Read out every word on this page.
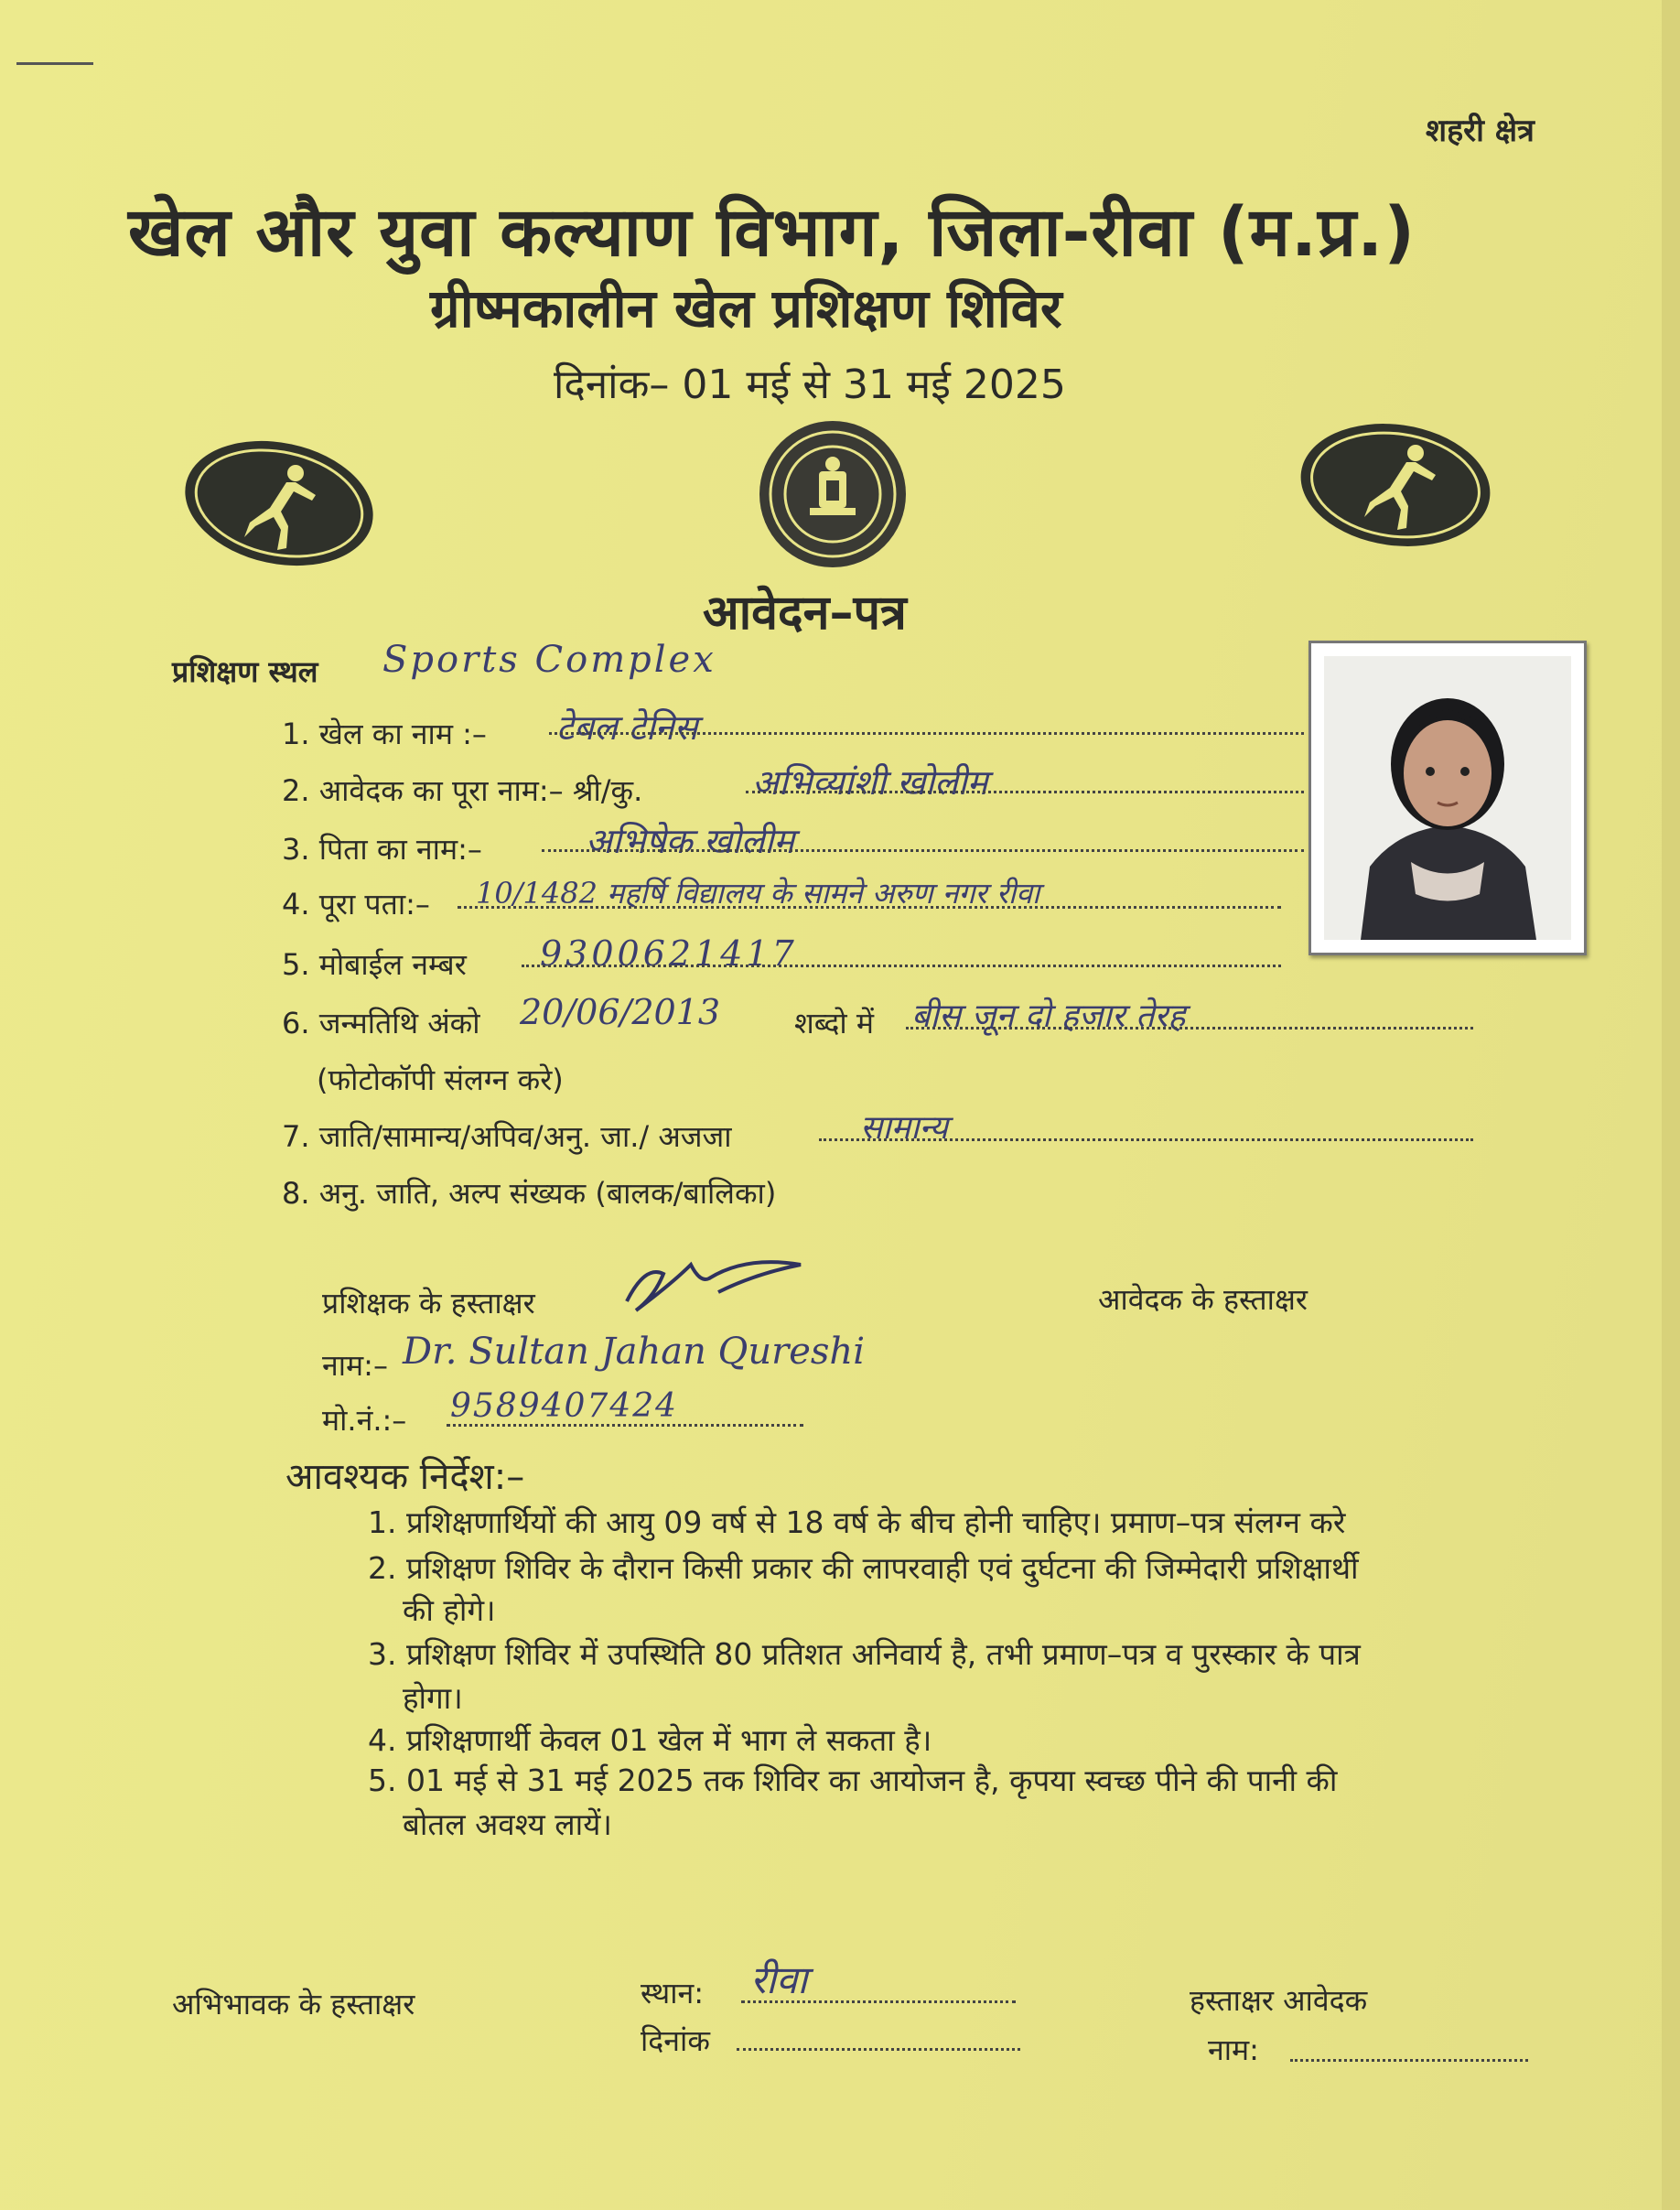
शहरी क्षेत्र
खेल और युवा कल्याण विभाग, जिला-रीवा (म.प्र.)
ग्रीष्मकालीन खेल प्रशिक्षण शिविर
दिनांक– 01 मई से 31 मई 2025
आवेदन–पत्र
प्रशिक्षण स्थल Sports Complex
1. खेल का नाम :– टेबल टेनिस
2. आवेदक का पूरा नाम:– श्री/कु.	अभिव्यांशी खोलीम
3. पिता का नाम:–	अभिषेक खोलीम
4. पूरा पता:– 10/1482 महर्षि विद्यालय के सामने अरुण नगर रीवा
5. मोबाईल नम्बर 9300621417
6. जन्मतिथि अंको 20/06/2013	शब्दो में बीस जून दो हजार तेरह
(फोटोकॉपी संलग्न करे)
7. जाति/सामान्य/अपिव/अनु. जा./ अजजा	सामान्य
8. अनु. जाति, अल्प संख्यक (बालक/बालिका)
प्रशिक्षक के हस्ताक्षर	आवेदक के हस्ताक्षर
नाम:– Dr. Sultan Jahan Qureshi
मो.नं.:– 9589407424
आवश्यक निर्देश:–
1. प्रशिक्षणार्थियों की आयु 09 वर्ष से 18 वर्ष के बीच होनी चाहिए। प्रमाण–पत्र संलग्न करे
2. प्रशिक्षण शिविर के दौरान किसी प्रकार की लापरवाही एवं दुर्घटना की जिम्मेदारी प्रशिक्षार्थी
की होगे।
3. प्रशिक्षण शिविर में उपस्थिति 80 प्रतिशत अनिवार्य है, तभी प्रमाण–पत्र व पुरस्कार के पात्र
होगा।
4. प्रशिक्षणार्थी केवल 01 खेल में भाग ले सकता है।
5. 01 मई से 31 मई 2025 तक शिविर का आयोजन है, कृपया स्वच्छ पीने की पानी की
बोतल अवश्य लायें।
अभिभावक के हस्ताक्षर	स्थान: रीवा
दिनांक
हस्ताक्षर आवेदक
नाम:
